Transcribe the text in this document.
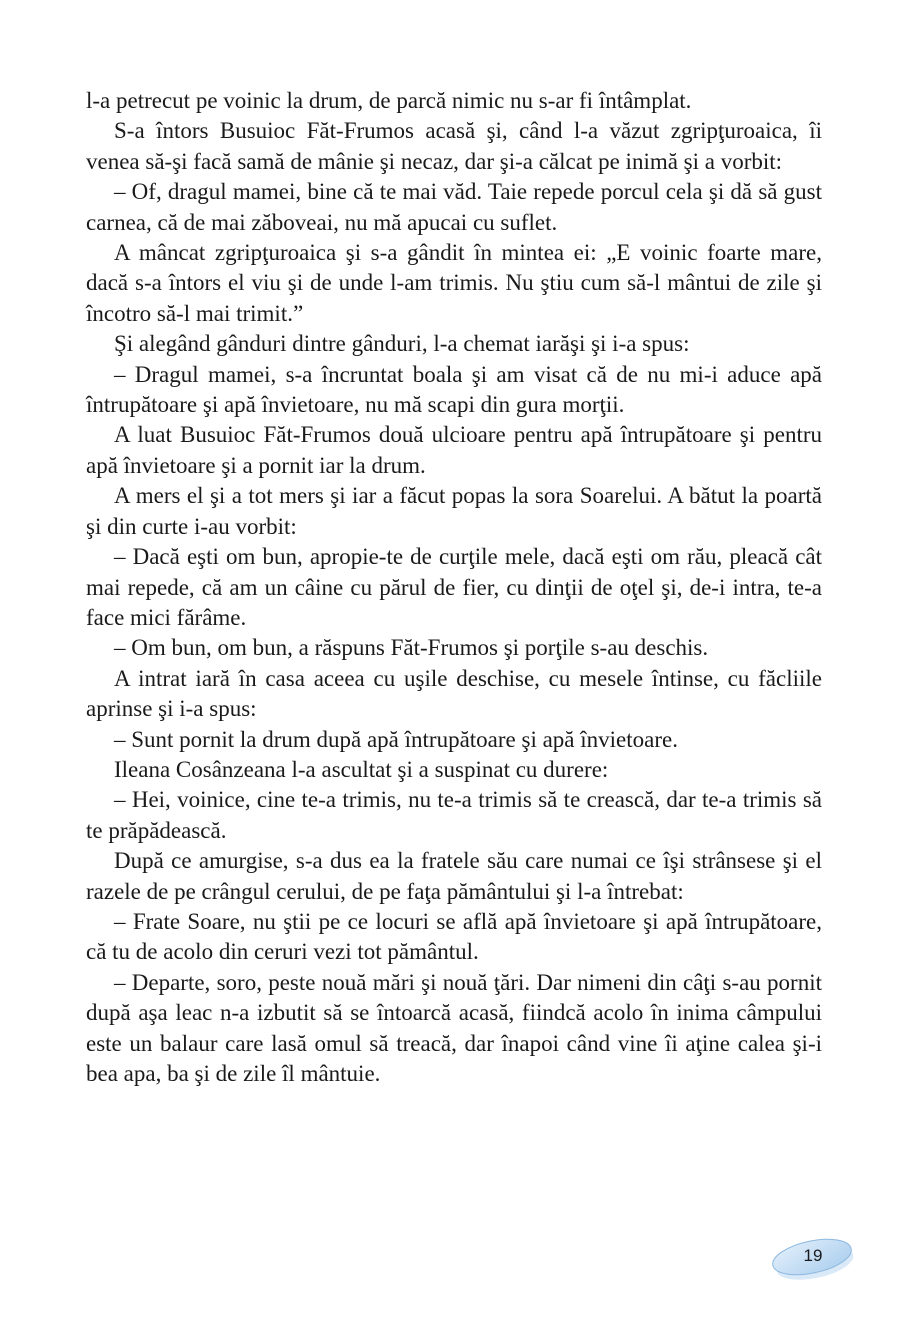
l-a petrecut pe voinic la drum, de parcă nimic nu s-ar fi întâmplat.

S-a întors Busuioc Făt-Frumos acasă şi, când l-a văzut zgripţuroaica, îi venea să-şi facă samă de mânie şi necaz, dar şi-a călcat pe inimă şi a vorbit:

– Of, dragul mamei, bine că te mai văd. Taie repede porcul cela şi dă să gust carnea, că de mai zăboveai, nu mă apucai cu suflet.

A mâncat zgripţuroaica şi s-a gândit în mintea ei: „E voinic foarte mare, dacă s-a întors el viu şi de unde l-am trimis. Nu ştiu cum să-l mântui de zile şi încotro să-l mai trimit.”

Şi alegând gânduri dintre gânduri, l-a chemat iarăşi şi i-a spus:

– Dragul mamei, s-a încruntat boala şi am visat că de nu mi-i aduce apă întrupătoare şi apă învietoare, nu mă scapi din gura morţii.

A luat Busuioc Făt-Frumos două ulcioare pentru apă întrupătoare şi pentru apă învietoare şi a pornit iar la drum.

A mers el şi a tot mers şi iar a făcut popas la sora Soarelui. A bătut la poartă şi din curte i-au vorbit:

– Dacă eşti om bun, apropie-te de curţile mele, dacă eşti om rău, pleacă cât mai repede, că am un câine cu părul de fier, cu dinţii de oţel şi, de-i intra, te-a face mici fărâme.

– Om bun, om bun, a răspuns Făt-Frumos şi porţile s-au deschis.

A intrat iară în casa aceea cu uşile deschise, cu mesele întinse, cu făcliile aprinse şi i-a spus:

– Sunt pornit la drum după apă întrupătoare şi apă învietoare.

Ileana Cosânzeana l-a ascultat şi a suspinat cu durere:

– Hei, voinice, cine te-a trimis, nu te-a trimis să te crească, dar te-a trimis să te prăpădească.

După ce amurgise, s-a dus ea la fratele său care numai ce îşi strânsese şi el razele de pe crângul cerului, de pe faţa pământului şi l-a întrebat:

– Frate Soare, nu ştii pe ce locuri se află apă învietoare şi apă întrupătoare, că tu de acolo din ceruri vezi tot pământul.

– Departe, soro, peste nouă mări şi nouă ţări. Dar nimeni din câţi s-au pornit după aşa leac n-a izbutit să se întoarcă acasă, fiindcă acolo în inima câmpului este un balaur care lasă omul să treacă, dar înapoi când vine îi aţine calea şi-i bea apa, ba şi de zile îl mântuie.

19
